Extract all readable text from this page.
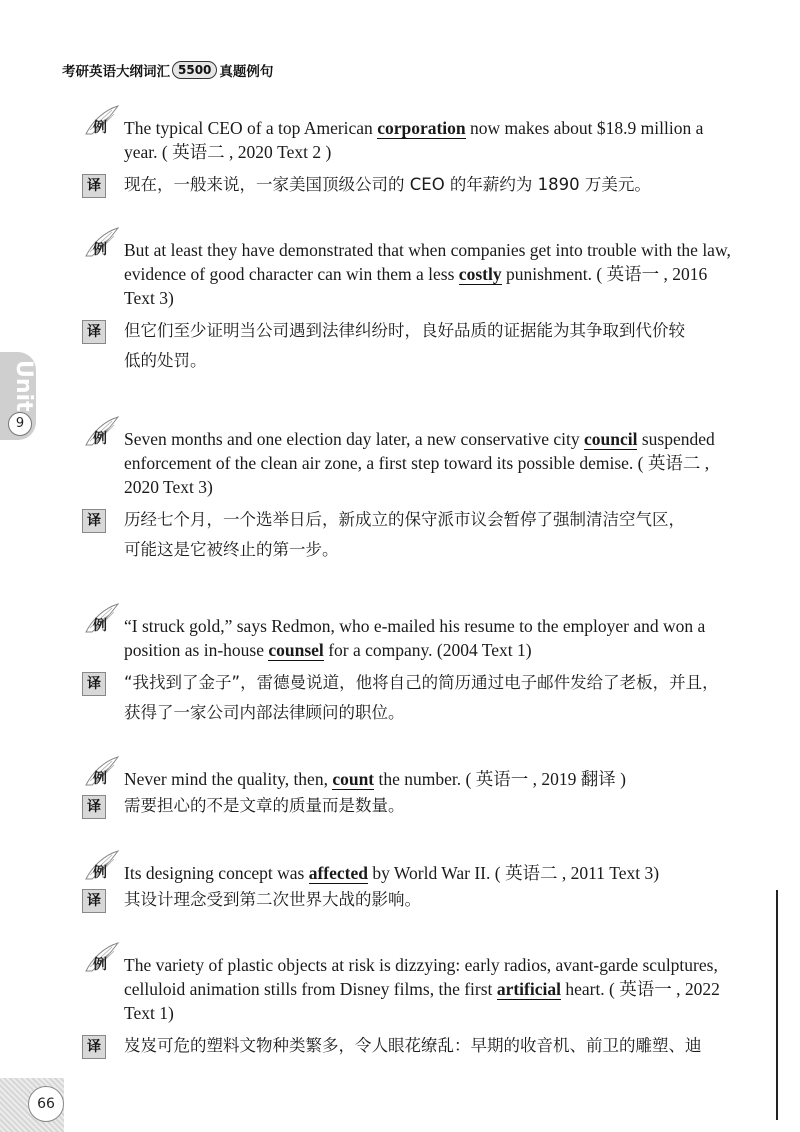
考研英语大纲词汇 5500 真题例句
例 The typical CEO of a top American corporation now makes about $18.9 million a
year. ( 英语二 , 2020 Text 2 )
译	现在，一般来说，一家美国顶级公司的 CEO 的年薪约为 1890 万美元。
例 But at least they have demonstrated that when companies get into trouble with the law,
evidence of good character can win them a less costly punishment. ( 英语一 , 2016
Text 3)
译	但它们至少证明当公司遇到法律纠纷时，良好品质的证据能为其争取到代价较
低的处罚。
例 Seven months and one election day later, a new conservative city council suspended
enforcement of the clean air zone, a first step toward its possible demise. ( 英语二 ,
2020 Text 3)
译	历经七个月，一个选举日后，新成立的保守派市议会暂停了强制清洁空气区，
可能这是它被终止的第一步。
例 “I struck gold,” says Redmon, who e-mailed his resume to the employer and won a
position as in-house counsel for a company. (2004 Text 1)
译	“我找到了金子”，雷德曼说道，他将自己的简历通过电子邮件发给了老板，并且，
获得了一家公司内部法律顾问的职位。
例 Never mind the quality, then, count the number. ( 英语一 , 2019 翻译 )
译	需要担心的不是文章的质量而是数量。
例 Its designing concept was affected by World War II. ( 英语二 , 2011 Text 3)
译	其设计理念受到第二次世界大战的影响。
例 The variety of plastic objects at risk is dizzying: early radios, avant-garde sculptures,
celluloid animation stills from Disney films, the first artificial heart. ( 英语一 , 2022
Text 1)
译	岌岌可危的塑料文物种类繁多，令人眼花缭乱：早期的收音机、前卫的雕塑、迪
Unit
9
66
